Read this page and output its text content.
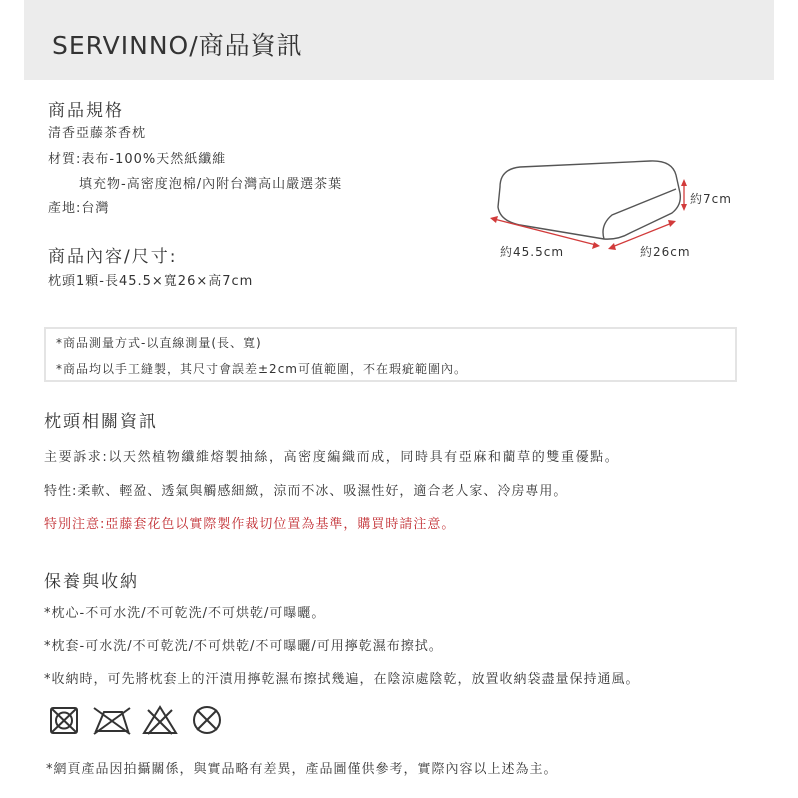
SERVINNO/商品資訊
商品規格
清香亞藤茶香枕
材質:表布-100%天然紙纖維
填充物-高密度泡棉/內附台灣高山嚴選茶葉
產地:台灣
商品內容/尺寸:
枕頭1顆-長45.5×寬26×高7cm
約7cm
約45.5cm	約26cm
*商品測量方式-以直線測量(長、寬)
*商品均以手工縫製，其尺寸會誤差±2cm可值範圍，不在瑕疵範圍內。
枕頭相關資訊
主要訴求:以天然植物纖維熔製抽絲，高密度編織而成，同時具有亞麻和藺草的雙重優點。
特性:柔軟、輕盈、透氣與觸感細緻，涼而不冰、吸濕性好，適合老人家、冷房專用。
特別注意:亞藤套花色以實際製作裁切位置為基準，購買時請注意。
保養與收納
*枕心-不可水洗/不可乾洗/不可烘乾/可曝曬。
*枕套-可水洗/不可乾洗/不可烘乾/不可曝曬/可用擰乾濕布擦拭。
*收納時，可先將枕套上的汗漬用擰乾濕布擦拭幾遍，在陰涼處陰乾，放置收納袋盡量保持通風。
*網頁產品因拍攝關係，與實品略有差異，產品圖僅供參考，實際內容以上述為主。
